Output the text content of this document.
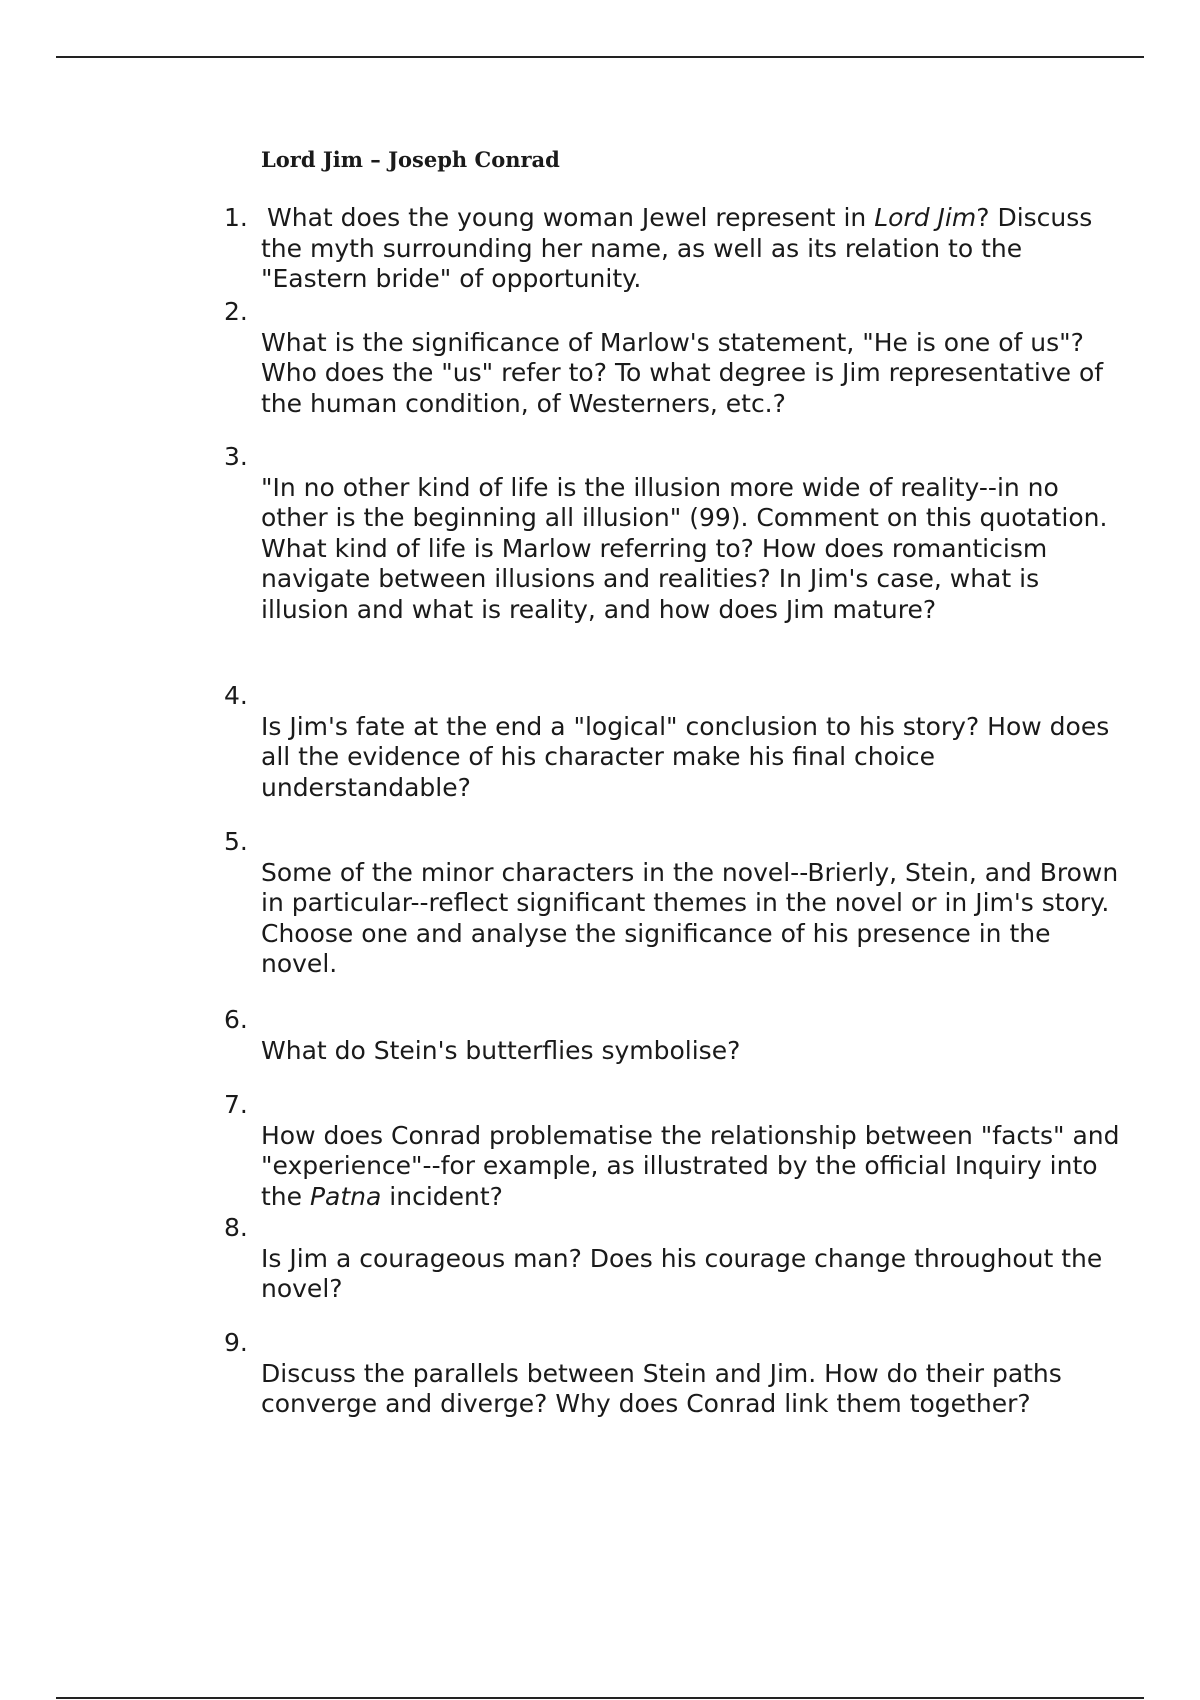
Lord Jim – Joseph Conrad
1. What does the young woman Jewel represent in Lord Jim? Discuss the myth surrounding her name, as well as its relation to the "Eastern bride" of opportunity.
2.
What is the significance of Marlow's statement, "He is one of us"? Who does the "us" refer to? To what degree is Jim representative of the human condition, of Westerners, etc.?
3.
"In no other kind of life is the illusion more wide of reality--in no other is the beginning all illusion" (99). Comment on this quotation. What kind of life is Marlow referring to? How does romanticism navigate between illusions and realities? In Jim's case, what is illusion and what is reality, and how does Jim mature?
4.
Is Jim's fate at the end a "logical" conclusion to his story? How does all the evidence of his character make his final choice understandable?
5.
Some of the minor characters in the novel--Brierly, Stein, and Brown in particular--reflect significant themes in the novel or in Jim's story. Choose one and analyse the significance of his presence in the novel.
6.
What do Stein's butterflies symbolise?
7.
How does Conrad problematise the relationship between "facts" and "experience"--for example, as illustrated by the official Inquiry into the Patna incident?
8.
Is Jim a courageous man? Does his courage change throughout the novel?
9.
Discuss the parallels between Stein and Jim. How do their paths converge and diverge? Why does Conrad link them together?
